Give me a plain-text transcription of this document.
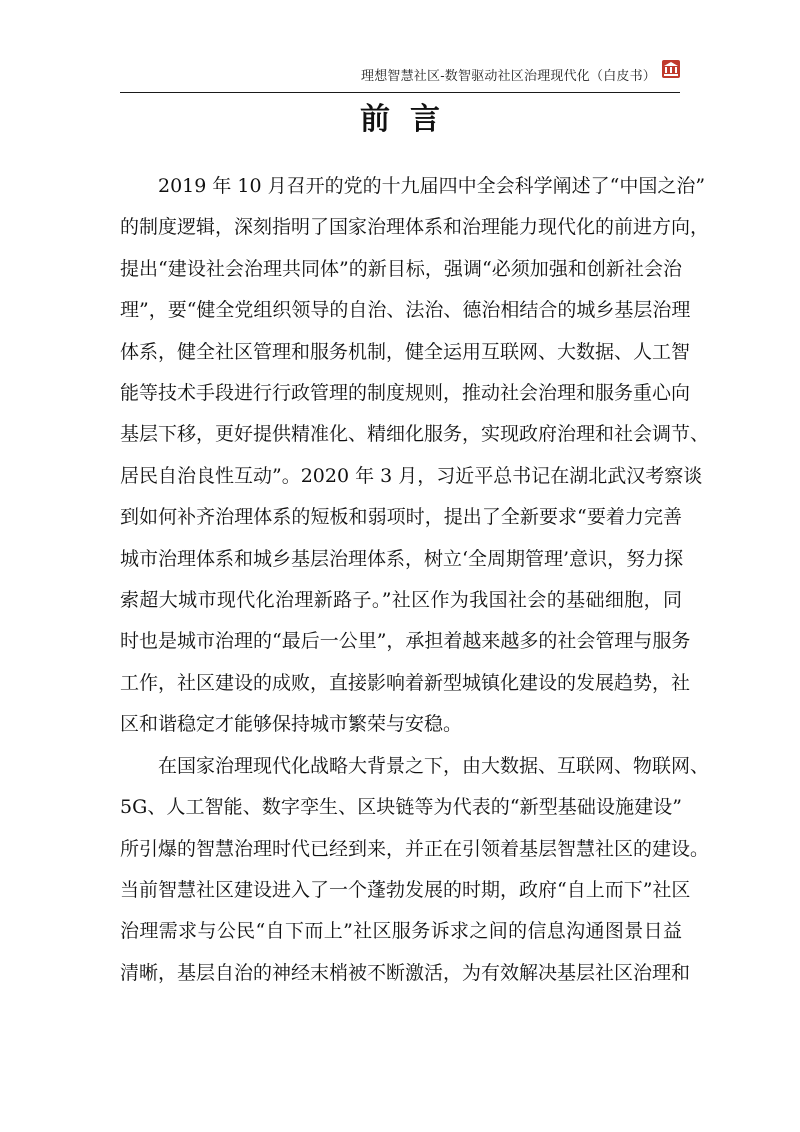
理想智慧社区-数智驱动社区治理现代化（白皮书）
前言

2019 年 10 月召开的党的十九届四中全会科学阐述了“中国之治”
的制度逻辑，深刻指明了国家治理体系和治理能力现代化的前进方向，
提出“建设社会治理共同体”的新目标，强调“必须加强和创新社会治
理”，要“健全党组织领导的自治、法治、德治相结合的城乡基层治理
体系，健全社区管理和服务机制，健全运用互联网、大数据、人工智
能等技术手段进行行政管理的制度规则，推动社会治理和服务重心向
基层下移，更好提供精准化、精细化服务，实现政府治理和社会调节、
居民自治良性互动”。2020 年 3 月，习近平总书记在湖北武汉考察谈
到如何补齐治理体系的短板和弱项时，提出了全新要求“要着力完善
城市治理体系和城乡基层治理体系，树立‘全周期管理’意识，努力探
索超大城市现代化治理新路子。”社区作为我国社会的基础细胞，同
时也是城市治理的“最后一公里”，承担着越来越多的社会管理与服务
工作，社区建设的成败，直接影响着新型城镇化建设的发展趋势，社
区和谐稳定才能够保持城市繁荣与安稳。

在国家治理现代化战略大背景之下，由大数据、互联网、物联网、
5G、人工智能、数字孪生、区块链等为代表的“新型基础设施建设”
所引爆的智慧治理时代已经到来，并正在引领着基层智慧社区的建设。
当前智慧社区建设进入了一个蓬勃发展的时期，政府“自上而下”社区
治理需求与公民“自下而上”社区服务诉求之间的信息沟通图景日益
清晰，基层自治的神经末梢被不断激活，为有效解决基层社区治理和
